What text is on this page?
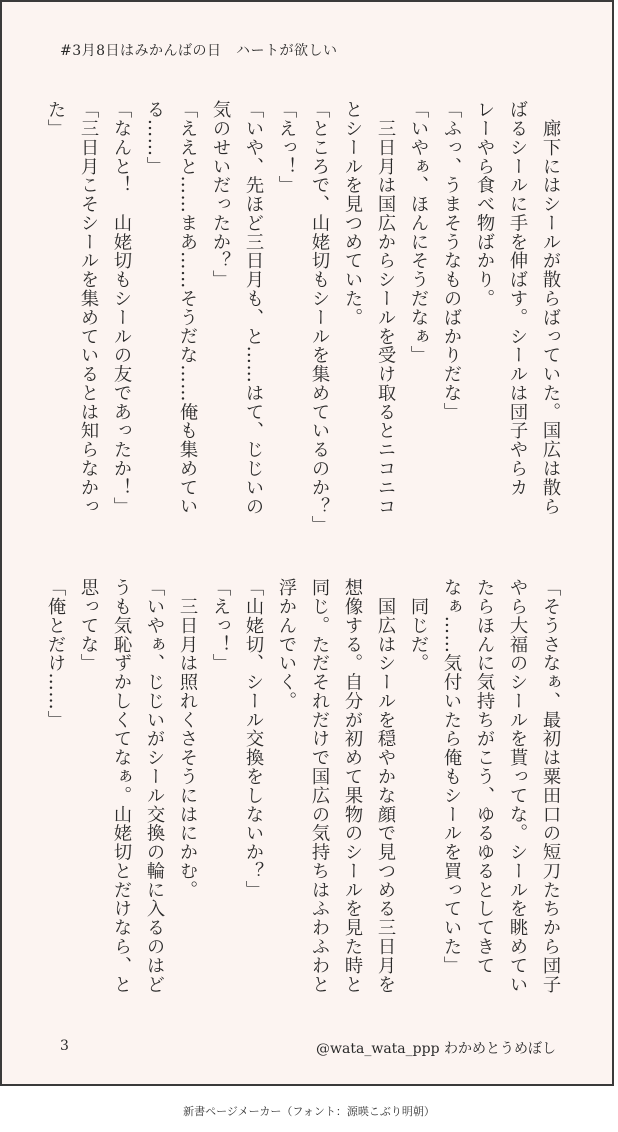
#3月8日はみかんばの日　ハートが欲しい
　廊下にはシールが散らばっていた。国広は散ら
ばるシールに手を伸ばす。シールは団子やらカ
レーやら食べ物ばかり。
「ふっ、うまそうなものばかりだな」
「いやぁ、ほんにそうだなぁ」
　三日月は国広からシールを受け取るとニコニコ
とシールを見つめていた。
「ところで、山姥切もシールを集めているのか？」
「えっ！」
「いや、先ほど三日月も、と……はて、じじいの
気のせいだったか？」
「ええと……まあ……そうだな……俺も集めてい
る……」
「なんと！　山姥切もシールの友であったか！」
「三日月こそシールを集めているとは知らなかっ
た」
「そうさなぁ、最初は粟田口の短刀たちから団子
やら大福のシールを貰ってな。シールを眺めてい
たらほんに気持ちがこう、ゆるゆるとしてきて
なぁ……気付いたら俺もシールを買っていた」
　同じだ。
　国広はシールを穏やかな顔で見つめる三日月を
想像する。自分が初めて果物のシールを見た時と
同じ。ただそれだけで国広の気持ちはふわふわと
浮かんでいく。
「山姥切、シール交換をしないか？」
「えっ！」
　三日月は照れくさそうにはにかむ。
「いやぁ、じじいがシール交換の輪に入るのはど
うも気恥ずかしくてなぁ。山姥切とだけなら、と
思ってな」
「俺とだけ……」
3	@wata_wata_ppp わかめとうめぼし
新書ページメーカー（フォント：源暎こぶり明朝）
